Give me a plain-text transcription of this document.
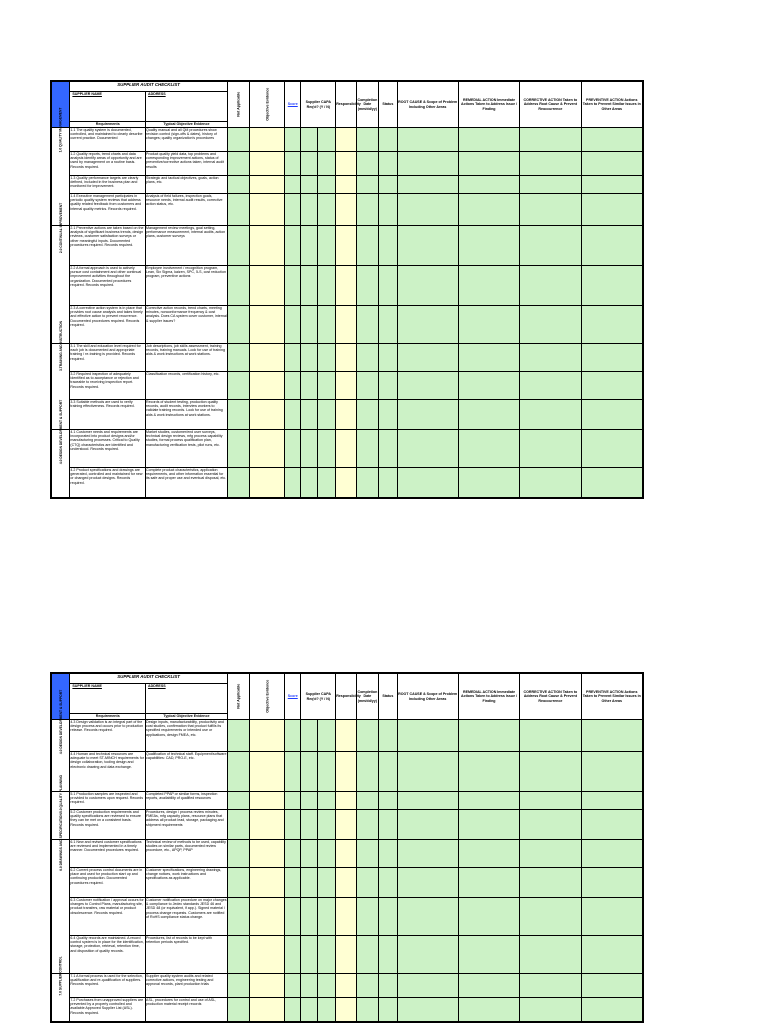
	SUPPLIER AUDIT CHECKLIST		Not Applicable	Objective Evidence	Score	Supplier CAPA Req'd? (Y / N)		Responsibility	Completion Date (mm/dd/yy)	Status	ROOT CAUSE & Scope of Problem Including Other Areas	REMEDIAL ACTION Immediate Actions Taken to Address Issue / Finding	CORRECTIVE ACTION Taken to Address Root Cause & Prevent Reoccurrence	PREVENTIVE ACTION Actions Taken to Prevent Similar Issues in Other Areas

	SUPPLIER NAME	ADDRESS												

	Requirements	Typical Objective Evidence												

1.0 QUALITY MANAGEMENT	1.1 The quality system is documented, controlled, and maintained to clearly describe current practice. Documented	Quality manual and all QM procedures show revision control (sign-offs & dates), history of changes; quality organization's procedures												
	1.2 Quality reports, trend charts and data analysis identify areas of opportunity and are used by management on a routine basis. Records required.	Product quality yield data, top problems and corresponding improvement actions, status of preventive/corrective actions taken, internal audit results												
	1.3 Quality performance targets are clearly defined, included in the business plan and monitored for improvement.	Strategic and tactical objectives, goals, action plans, etc.												
	1.4 Executive management participates in periodic quality system reviews that address quality related feedback from customers and internal quality metrics. Records required.	Analysis of field failures, inspection goals, resource needs, internal audit results, corrective action status, etc.												

2.0 CONTINUAL IMPROVEMENT	2.1 Preventive actions are taken based on the analysis of significant business trends, design reviews, customer satisfaction surveys or other meaningful inputs. Documented procedures required. Records required.	Management review meetings, goal setting, performance measurement, internal audits, action plans, customer surveys												
	2.2 A formal approach is used to actively pursue cost containment and other continual improvement activities throughout the organization. Documented procedures required. Records required.	Employee involvement / recognition program, Lean, Six Sigma, kaizen, SPC, 5-S, cost reduction program, preventive actions												
	2.3 A corrective action system is in place that provides root cause analysis and takes timely and effective action to prevent recurrence. Documented procedures required. Records required.	Corrective action records, trend charts, meeting minutes, nonconformance frequency & cost analysis. Does CA system cover customer, internal & supplier issues?												

3.TRAINING AND INSTRUCTION	3.1 The skill and education level required for each job is documented and appropriate training / re-training is provided. Records required.	Job descriptions, job skills assessment, training records, training manuals. Look for use of training aids & work instructions at work stations.												
	3.2 Required inspection of adequately identified as to acceptance or rejection and traceable to receiving inspection report. Records required.	Classification records, certification history, etc.												
	3.3 Suitable methods are used to verify training effectiveness. Records required.	Records of student testing, production quality records, audit records, interview workers to validate training records. Look for use of training aids & work instructions at work stations.												

4.0 DESIGN DEVELOPMENT & SUPPORT	4.1 Customer needs and requirements are incorporated into product designs and/or manufacturing processes. Critical to Quality (CTQ) characteristics are identified and understood. Records required.	Market studies, customer/end user surveys, technical design reviews, mfg process capability studies, formal process qualification plan, manufacturing verification tests, pilot runs, etc.												
	4.2 Product specifications and drawings are generated, controlled and maintained for new or changed product designs. Records required.	Complete product characteristics, application requirements, and other information essential for its safe and proper use and eventual disposal, etc.												
	SUPPLIER AUDIT CHECKLIST		Not Applicable	Objective Evidence	Score	Supplier CAPA Req'd? (Y / N)		Responsibility	Completion Date (mm/dd/yy)	Status	ROOT CAUSE & Scope of Problem Including Other Areas	REMEDIAL ACTION Immediate Actions Taken to Address Issue / Finding	CORRECTIVE ACTION Taken to Address Root Cause & Prevent Reoccurrence	PREVENTIVE ACTION Actions Taken to Prevent Similar Issues in Other Areas

	SUPPLIER NAME	ADDRESS												

	Requirements	Typical Objective Evidence												

4.0 DESIGN DEVELOPMENT & SUPPORT	4.3 Design validation is an integral part of the design process and occurs prior to production release. Records required.	Design inputs, manufacturability, productivity and cost studies, confirmation that product fulfills its specified requirements or intended use or applications, design FMEA, etc.												
	4.4 Human and technical resources are adequate to meet ST-MINCH requirements for design collaboration, tooling design and electronic drawing and data exchange.	Qualification of technical staff. Equipment/software capabilities: CAD, PRO-E, etc.												

5.0 QUALITY PLANNING	5.1 Production samples are inspected and provided to customers upon request. Records required.	Completed PPAP or similar forms, inspection reports, availability of qualified resources												
	5.2 Customer production requirements and quality specifications are reviewed to ensure they can be met on a consistent basis. Records required.	Procedures, design / process review minutes, FMEAs, mfg capacity plans, resource plans that address all product lead, storage, packaging and shipment requirements												

6.0 DRAWINGS AND SPECIFICATION	6.1 New and revised customer specifications are reviewed and implemented in a timely manner. Documented procedures required.	Technical review of methods to be used, capability studies on similar parts, documented review procedure, etc., APQP, PPAP												
	6.2 Current process control documents are in place and used for production start up and continuing production. Documented procedures required.	Customer specifications, engineering drawings, change notices, work instructions and specifications as applicable.												
	6.3 Customer notification / approval occurs for changes to Control Plans, manufacturing site, product transfers, raw material or product obsolescence. Records required.	Customer notification procedure on major changes & compliance to Jedec standards JESD 46 and JESD 48 (or equivalent, if app.). Signed material / process change requests. Customers are notified of RoHS compliance status change.												
	6.4 Quality records are maintained. A record control system is in place for the identification, storage, protection, retrieval, retention time, and disposition of quality records.	Procedures, list of records to be kept with retention periods specified.												

7.0 SUPPLIER CONTROL	7.1 A formal process is used for the selection, qualification and re-qualification of suppliers. Records required.	Supplier quality system audits and related corrective actions, engineering testing and approval records, plant production trials												
	7.2 Purchases from unapproved suppliers are prevented by a properly controlled and available Approved Supplier List (ASL). Records required.	ASL, procedures for control and use of ASL, production material receipt records												
